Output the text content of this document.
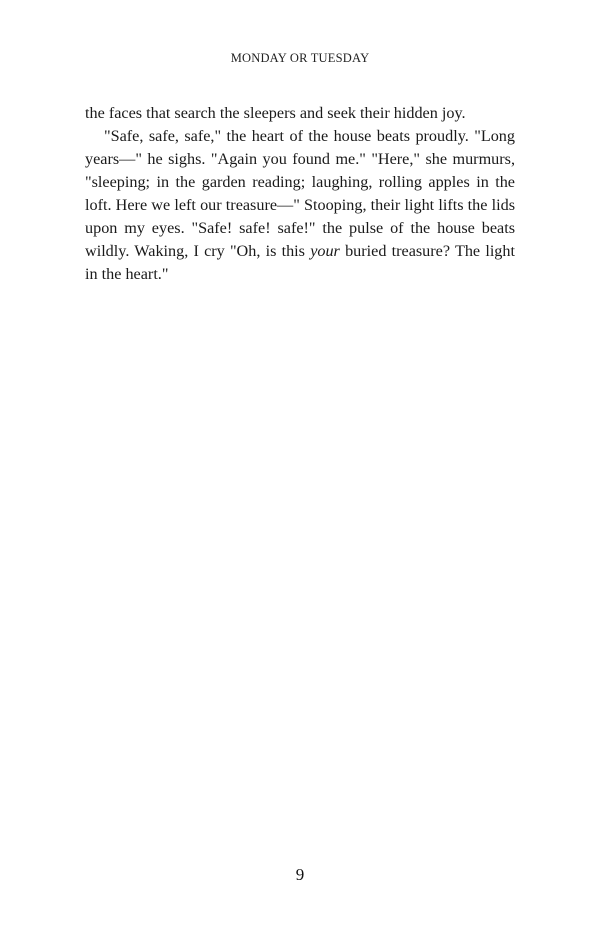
MONDAY OR TUESDAY

the faces that search the sleepers and seek their hidden joy.

"Safe, safe, safe," the heart of the house beats proudly. "Long years—" he sighs. "Again you found me." "Here," she murmurs, "sleeping; in the garden reading; laughing, rolling apples in the loft. Here we left our treasure—" Stooping, their light lifts the lids upon my eyes. "Safe! safe! safe!" the pulse of the house beats wildly. Waking, I cry "Oh, is this your buried treasure? The light in the heart."

9
